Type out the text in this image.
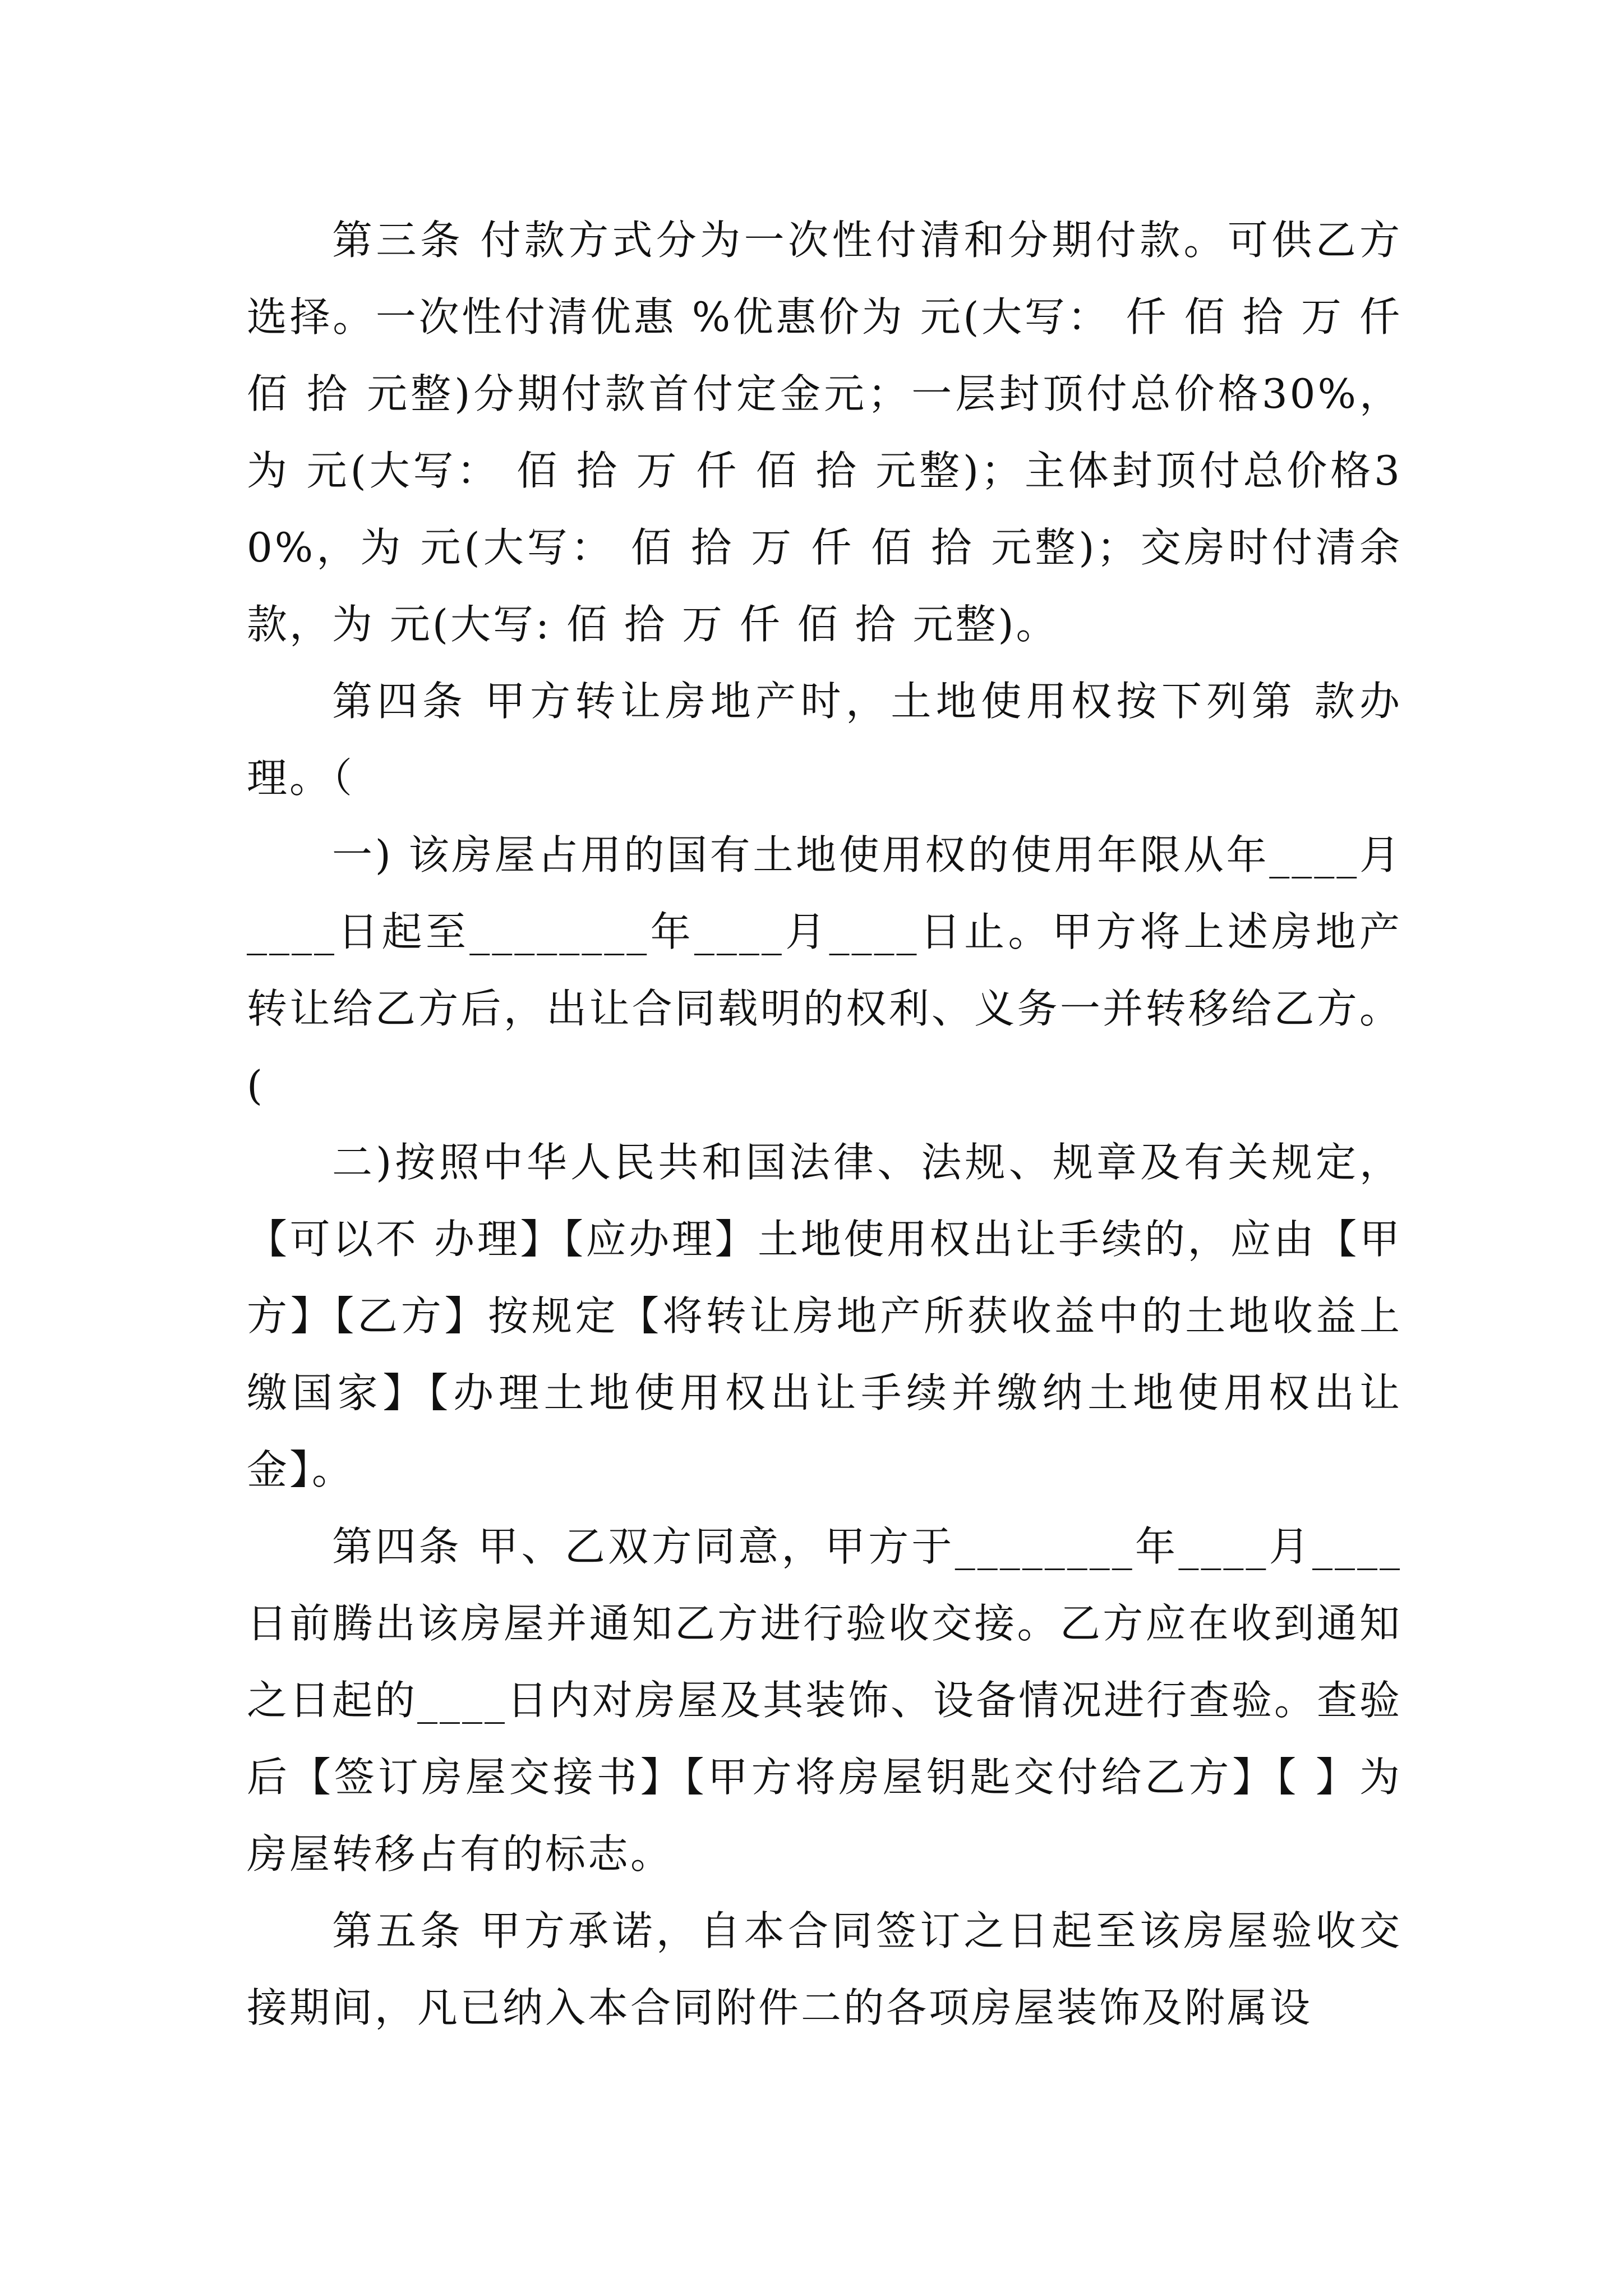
第三条 付款方式分为一次性付清和分期付款。可供乙方选择。一次性付清优惠 %优惠价为 元(大写： 仟 佰 拾 万 仟 佰 拾 元整)分期付款首付定金元；一层封顶付总价格30%，为 元(大写： 佰 拾 万 仟 佰 拾 元整)；主体封顶付总价格30%，为 元(大写： 佰 拾 万 仟 佰 拾 元整)；交房时付清余款，为 元(大写: 佰 拾 万 仟 佰 拾 元整)。

第四条 甲方转让房地产时，土地使用权按下列第 款办理。（

一) 该房屋占用的国有土地使用权的使用年限从年____月____日起至________年____月____日止。甲方将上述房地产转让给乙方后，出让合同载明的权利、义务一并转移给乙方。(

二)按照中华人民共和国法律、法规、规章及有关规定，【可以不 办理】【应办理】土地使用权出让手续的，应由【甲方】【乙方】按规定【将转让房地产所获收益中的土地收益上缴国家】【办理土地使用权出让手续并缴纳土地使用权出让金】。

第四条 甲、乙双方同意，甲方于________年____月____日前腾出该房屋并通知乙方进行验收交接。乙方应在收到通知之日起的____日内对房屋及其装饰、设备情况进行查验。查验后【签订房屋交接书】【甲方将房屋钥匙交付给乙方】【 】为房屋转移占有的标志。

第五条 甲方承诺，自本合同签订之日起至该房屋验收交接期间，凡已纳入本合同附件二的各项房屋装饰及附属设
